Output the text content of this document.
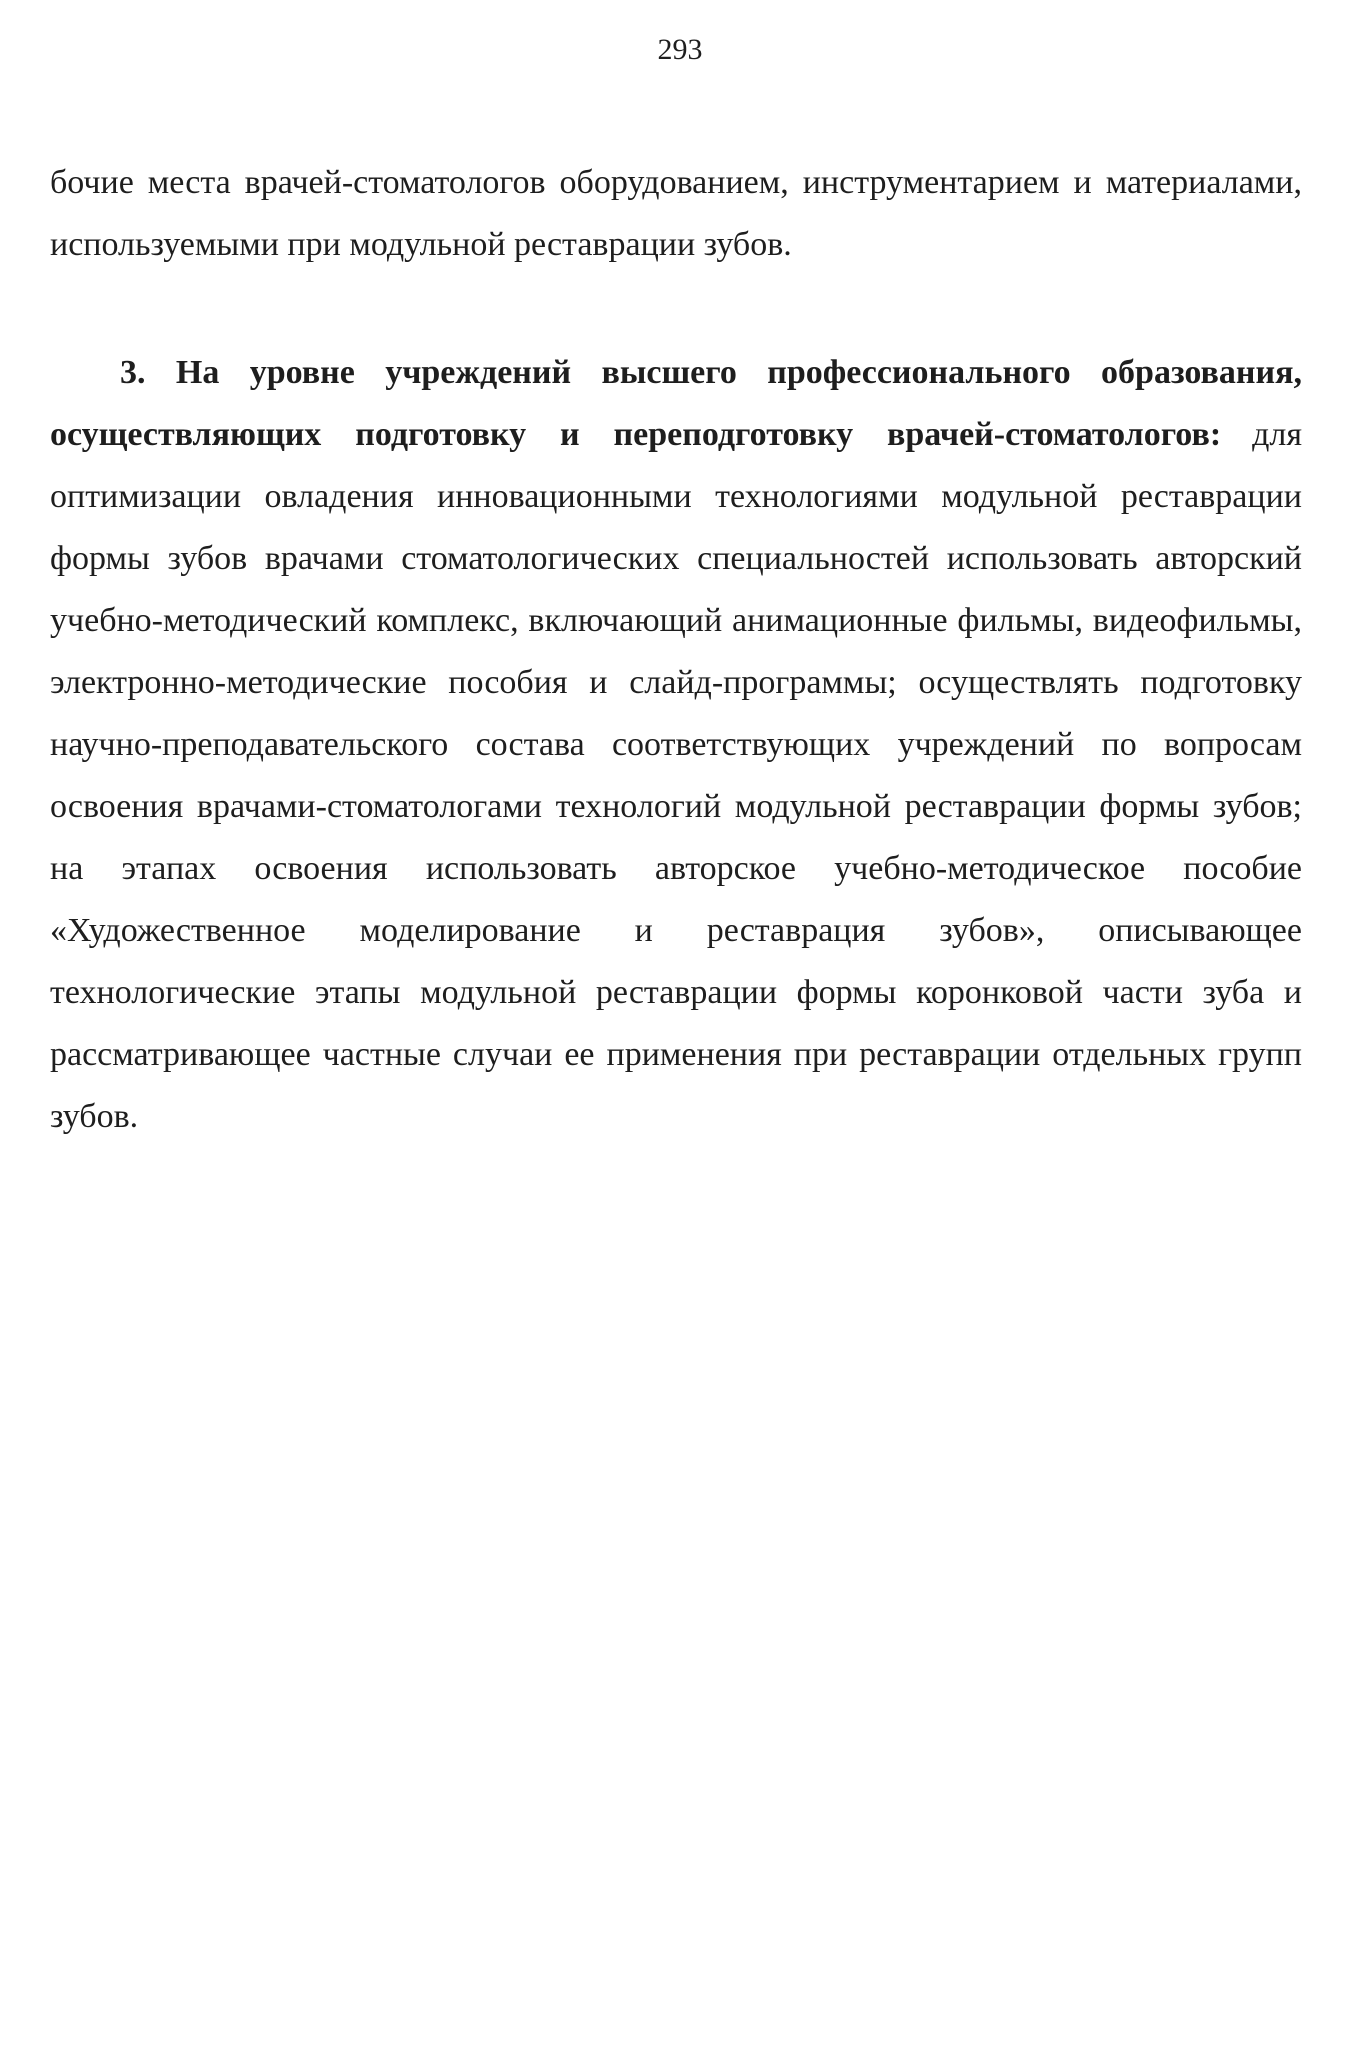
293

бочие места врачей-стоматологов оборудованием, инструментарием и материалами, используемыми при модульной реставрации зубов.

3. На уровне учреждений высшего профессионального образования, осуществляющих подготовку и переподготовку врачей-стоматологов: для оптимизации овладения инновационными технологиями модульной реставрации формы зубов врачами стоматологических специальностей использовать авторский учебно-методический комплекс, включающий анимационные фильмы, видеофильмы, электронно-методические пособия и слайд-программы; осуществлять подготовку научно-преподавательского состава соответствующих учреждений по вопросам освоения врачами-стоматологами технологий модульной реставрации формы зубов; на этапах освоения использовать авторское учебно-методическое пособие «Художественное моделирование и реставрация зубов», описывающее технологические этапы модульной реставрации формы коронковой части зуба и рассматривающее частные случаи ее применения при реставрации отдельных групп зубов.
